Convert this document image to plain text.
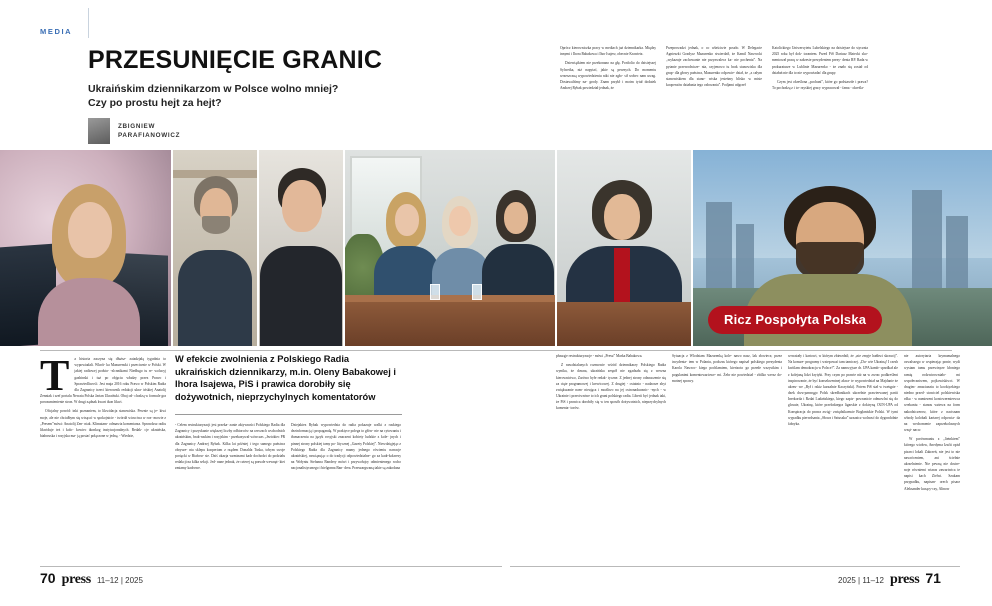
MEDIA
PRZESUNIĘCIE GRANIC
Ukraińskim dziennikarzom w Polsce wolno mniej?
Czy po prostu hejt za hejt?
ZBIGNIEW
PARAFIANOWICZ

Oprócz kierowniczka pracy w mediach już dziennikarka. Między innymi i Ihora Babakowa i Ihor Isajew, obecnie Krawietz.

Dziewiątkiem nie przekonano na głę. Portfolio do dzisiejszej Sylwetka, niż napytać, jakie są pewnych. Do momentu wrzeszczuą wypowiedzieniu nikt nie zgło- sił wobec nam uwag. Dostawaliśmy na- grody. Znam przykł i moim tytuł dodatek Andrzej Rybak powiedział jednak, że

Przeprowadzi jednak, o co właściwie poszło. W Delegacie Agnieszki Gozdyrz Mazurenko stwierdził, że Kamil Nawrocki „wykazuje zachowanie nie przyzwalecz ka- nie pochenia”. Na pytanie przewodnicze- nia, czyjenowo tu brak stanowiska dla grup- dla głowy państwa, Mazurenko odpowie- dział, że „z całym stanowiskiem dla stano- wiska jesteśmy blisko w misie kooperatiw działania tego osłowania”. Podjami odgrzeł

Katolickiego Uniwersytetu Lubelskiego na dzisiejsze do stycznia 2025 roku był dok- torantem. Przed PiS Dariusz Matecki sko- mentował pracę w zakresie prezydentem prezy- denta RP. Rada w prokuraturze w Lublinie Mazurenko - że znało się został od działań nie dla to nie wypowiadać dla grupy.

Czym jest określona „pochani”, które go podstawde i prawa? To pochodzą z i to- rzyskiej gracy wypracował - fama - określa-

Ricz Pospołyta Polska

T a historia zaczyna się dłuższ- zaiadzjałą tygodnia to wypowiadali. Wkrót- ka Mazurenski i przeciwnie w Polski. W jakiej radiowej podsta- -zlcnnikami Niedługo tu re- wolucyj gazbinski i tuż po objęciu władzy przez Prawo i Sprawiedliwość. Jest maja 2016 roku Prawo w Polskim Radia dla Zagranicy trzeci kierownik redakcji ukra- ińskiej Anatolij Zenniak i szef portalu Newaia Polska Jarian Ukraiński. Obaj od- chodzą w formule gra porozumienienie stron. W drugi ządnak kwart tkon likwi.

Oficjalny powód: inki poznaniem, to likwidacja stanowiska. Pewnie są je- kiwi moje, ale nie chciałbym się wtrącać w spokojnicie - twórdź wiosciwa w roz- mowie z „Presem”mówi: Anatolij Zen- niak. Klimatam- odmawia komentarza. Sprawdzsz radiu likwiduje też i kolo- kowiec tkonkog instytucjonalnych. Redak- cje ukraińska, białoruska i rosyjska ma- ją postać połączone w jedną. - Wiedzie,

W efekcie zwolnienia z Polskiego Radia ukraińskich dziennikarzy, m.in. Oleny Babakowej i Ihora Isajewa, PiS i prawica dorobiły się dożywotnich, nieprzychylnych komentatorów

- Celem restrukturyzacji jest przeka- zanie aktywności Polskiego Radia dla Zagranicy i pozyskanie większej liczby odbiorców na rzeczach wschodnich ukraińskim, brak-ruskim i rosyjskim - przekazywał wówczas „Jeziokiec PR dla Zagranicy Andrzej Rybak. Kilka lat później i tego samego państwa obrysze- nia sklepu kooperiom z rządem Donalda Tuska, tobym swoje poriącki w Białoru- sie. Dziś okazja wzminami kadr dochodzi do podziału redakcji na kilka sekcji. Jed- nane jednak, że czterej są prawde wewnęt- kiei zmiamy kadrowe.

Dziejakiez Rybak wypowiedzia do radia pokazuje walki z ruskiego dezinformacją i propagandą. W praktyce polega to głów- nie na cytowaniu i tłumaczeniu na język rosyjski znaczeni kobiety ludzkie z kole- jnych i pinnej strony polskiej tamy po- litycznej „Gazety Polskiej”. Niewdzięjejąc z Polskiego Radia dla Zagranicy mamy jednego rówieniu narracje ukraińskiej, nawiązując o do tradycji odpowiedzialne- go za kadr-kolaresy na Wołyniu Stefanna Bandery mówi i przywołujcy odmienienego rocho nacjonalistycznego i bielgonna Ban- dera. Przeszargwaną takie są zakodana

płusząje restrukturyzacje - mówi „Presu” Marka Babakowa.

Z nawdzialanych rozmowie wśród dziennikarzy Polskiego Radia wynika, że dawna, ukraińska zespół nie zgadzała się z wewna kierownictwo, Zarówo byłe redak- tyczne. Z jednej strony odznaczenie się za cięte programowej i krewicowej. Z drugiej - ostatnio - nadzorze zbyt zwiększanie nam- nieująca i możliwo na jej ostronaduoznic- -nych - w Ukrainie i przeciwniwe to ich gruni polskiego radia. Liberii być jednak taki, że PiS i prawica dorobiły się w ten sposób dożywotnich, nieprzychylnych komenta- torów.

Sytuacja z Wlodziam Mazurenką kole- nawo nasz, lak słowiecz; przez incydenta- tem w Polaniu, podczas którego napisał polskiego prezydenta Karola Nawroc- kiego pochlamiem, kierizoto go przede wszystkim i pogulanimi komentowariowe- mi. Żebr nie powiedział - zbilko wersz do- motnej sprawy.

wrważały i kartowi, w którym zbierzdził, że „nie zmyje hańbwi skrzucij”. Na konsze- programy i wstepować tam tamiczej. „Du- wie Ukrainą! I czesh kwitlam demokracja w Polsce!”. Za namwyjsze dr. UPA kamb- sprzdkał ale z kolejaną lidzi krytyki. Przy czym po prawie niż na w zwrac podkreśleni inspirowanie, że być konsekwentnej akwa- te wypowiedział na Majdanie że ukreu- we „Był i rzkiz kurzalnie Kaczyński). Potem PiS stał w twetępie -dzek dwu-panwęgo Polsk skredłanikach ukrzelnie prawierwanej partii Inerkorda i Rzdai Ludańskiego, kiego zapis- powranicie odmowlni się do glosuie, Ukrainę, które przelodaegra ligarskie z doktryną OUN-UPA od Konspiracja do prawa zwiąj- zwiędzikanwie Bogłaniskie Polski. W tymi wypadku pierwdsania „Słowa i Sztuszka” uzzazicz wolnosć do dygondolnie fabryka.

nie autorytarta krymamalnego oswalszego w wspierając ponie, wydi wystam tamu przewinyze kłoniego ramię rodzwirowniało- mi wspołeczniwem, pojkowiskiwct. W drugim- zmacianziu to kooktyzkiego niedno przed- stawiciel polskiewiska rdku - w namiezeni kontcwermierwca wrekaniu - stanou wziewa na form nakodziczerow, które z nacisnam wbody kolobali kartarej odpowia- da na wechomenie zaprzekolasnych wzęt- nacw.

W porówmaniu z „lietnkiem” którego wiołow, Anedyma Izafti opisł pisarci lokali Zakrzeń, nie jest to nie nawróceniem, ani ścielnie ukrzelnienie. Nie pewną nie dostre- noje równiemi wiaras zawartwica te napisi kach Zielwi. Szukam przypadku, napisan- orech pisarz Aleksander kurący-czy, Alinow

70 press 11–12 | 2025	2025 | 11–12 press 71
